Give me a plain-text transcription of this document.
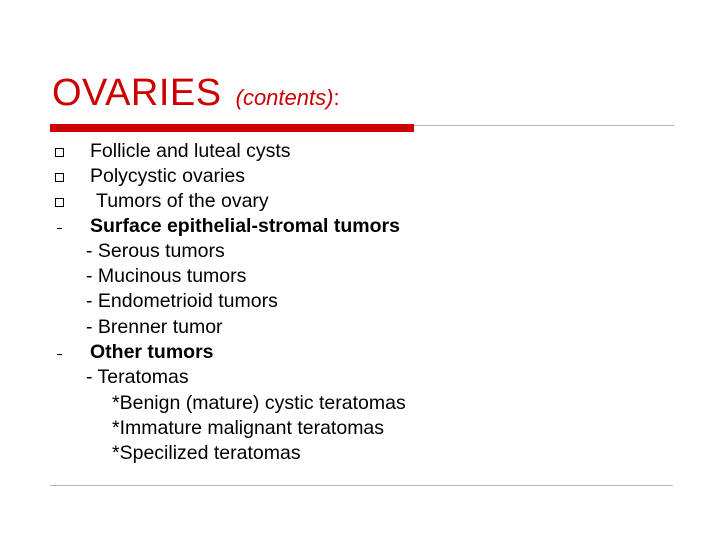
OVARIES (contents):
Follicle and luteal cysts
Polycystic ovaries
Tumors of the ovary
Surface epithelial-stromal tumors
- Serous tumors
- Mucinous tumors
- Endometrioid tumors
- Brenner tumor
Other tumors
- Teratomas
*Benign (mature) cystic teratomas
*Immature malignant teratomas
*Specilized teratomas
